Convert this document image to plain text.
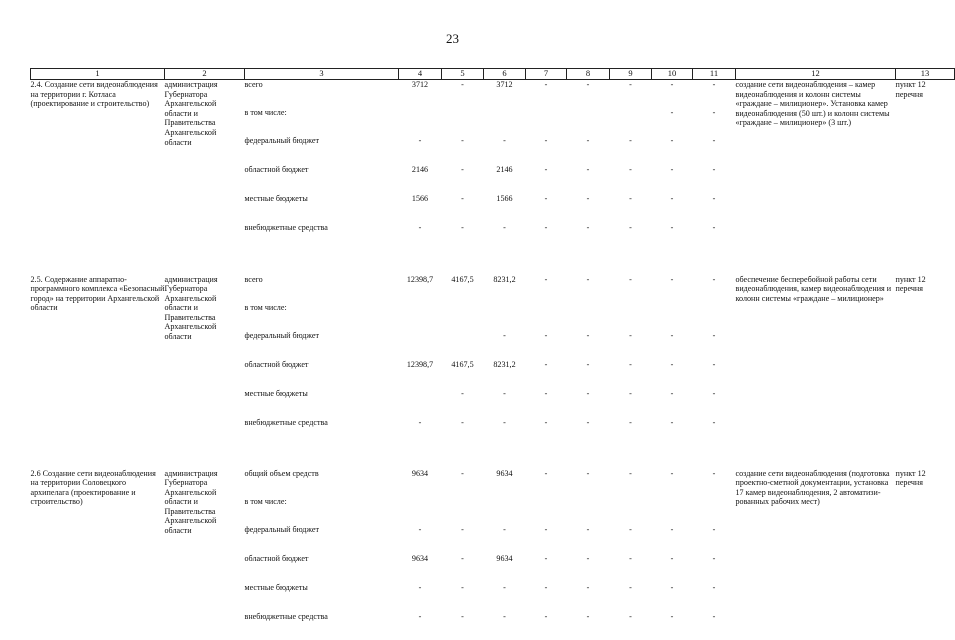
23
1	2	3	4	5	6	7	8	9	10	11	12	13
2.4. Создание сети видеонаблюдения на территории г. Котласа (проектирование и строительство)	администрация Губернатора Архангельской области и Правительства Архангельской области	всего	3712	-	3712	-	-	-	-	-	создание сети видеонаблюдения – камер видеонаблюдения и колонн системы «граждане – милиционер». Установка камер видеонаблюдения (50 шт.) и колонн системы «граждане – милиционер» (3 шт.)	пункт 12 перечня
		в том числе:							-	-		
		федеральный бюджет	-	-	-	-	-	-	-	-		
		областной бюджет	2146	-	2146	-	-	-	-	-		
		местные бюджеты	1566	-	1566	-	-	-	-	-		
		внебюджетные средства	-	-	-	-	-	-	-	-		

2.5. Содержание аппаратно-программного комплекса «Безопасный город» на территории Архангельской области	администрация Губернатора Архангельской области и Правительства Архангельской области	всего	12398,7	4167,5	8231,2	-	-	-	-	-	обеспечение бесперебойной работы сети видеонаблюдения, камер видеонаблюдения и колонн системы «граждане – милиционер»	пункт 12 перечня
		в том числе:										
		федеральный бюджет			-	-	-	-	-	-		
		областной бюджет	12398,7	4167,5	8231,2	-	-	-	-	-		
		местные бюджеты		-	-	-	-	-	-	-		
		внебюджетные средства	-	-	-	-	-	-	-	-		

2.6 Создание сети видеонаблюдения на территории Соловецкого архипелага (проектирование и строительство)	администрация Губернатора Архангельской области и Правительства Архангельской области	общий объем средств	9634	-	9634	-	-	-	-	-	создание сети видеонаблюдения (подготовка проектно-сметной документации, установка 17 камер видеонаблюдения, 2 автоматизи-рованных рабочих мест)	пункт 12 перечня
		в том числе:										
		федеральный бюджет	-	-	-	-	-	-	-	-		
		областной бюджет	9634	-	9634	-	-	-	-	-		
		местные бюджеты	-	-	-	-	-	-	-	-		
		внебюджетные средства	-	-	-	-	-	-	-	-		
